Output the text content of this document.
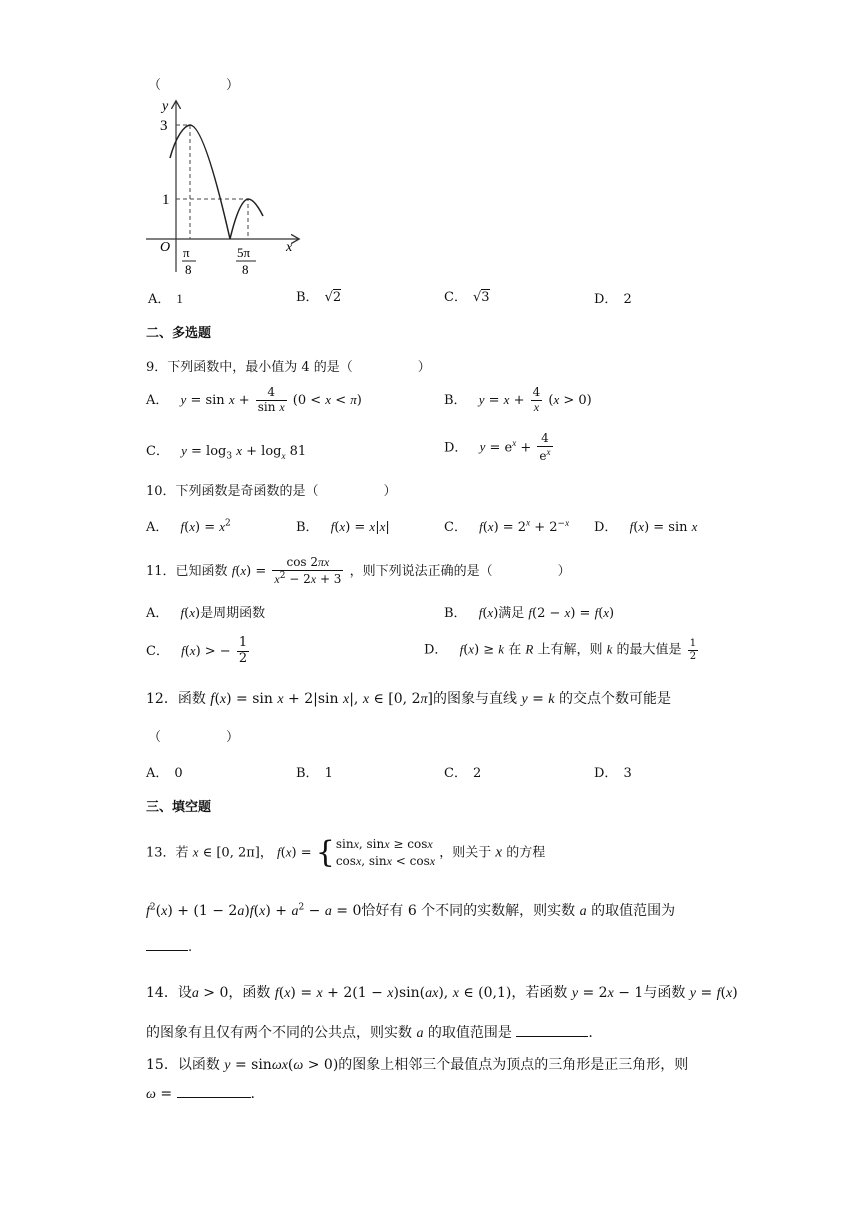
（　　　　　）
y
x
O
3
1
π
8
5π
8
A． 1	B． √2	C． √3	D． 2
二、多选题
9．下列函数中，最小值为 4 的是（　　　　　）
A． $y = \sin x + \frac{4}{\text{sin x}} (0 < x < \pi)$	B． $y = x + \frac{4}{x} (x > 0)$
C． $y = \log_3 x + \log_x 81$	D． $y = e^x + \frac{4}{e^x}$
10．下列函数是奇函数的是（　　　　　）
A． $f(x) = x^2$	B． f(x) = x|x|	C． $f(x) = 2^x + 2^{-x}$ D． f(x) = sin x
11．已知函数 $f(x) = \frac{\cos 2\pi x}{x^2 - 2x + 3}$ ，则下列说法正确的是（　　　　　）
A． f(x)是周期函数	B． f(x)满足 f(2 − x) = f(x)
C． f(x) > − $\frac{1}{2}$	D． f(x) ≥ k 在 R 上有解，则 k 的最大值是 $\frac{1}{2}$
12．函数 f(x) = sin x + 2|sin x|, x ∈ [0, 2π]的图象与直线 y = k 的交点个数可能是
（　　　　　）
A． 0	B． 1	C． 2	D． 3
三、填空题
13．若 x ∈ [0, 2π]， f(x) = {sinx, sinx ≥ cosx
cosx, sinx < cosx ，则关于 x 的方程
$f^2(x) + (1 - 2a)f(x) + a^2 - a = 0$恰好有 6 个不同的实数解，则实数 a 的取值范围为
.
14．设a > 0，函数 f(x) = x + 2(1 − x)sin(ax), x ∈ (0,1)，若函数 y = 2x − 1与函数 y = f(x)
的图象有且仅有两个不同的公共点，则实数 a 的取值范围是	.
15．以函数 y = sinωx(ω > 0)的图象上相邻三个最值点为顶点的三角形是正三角形，则
ω =	.
